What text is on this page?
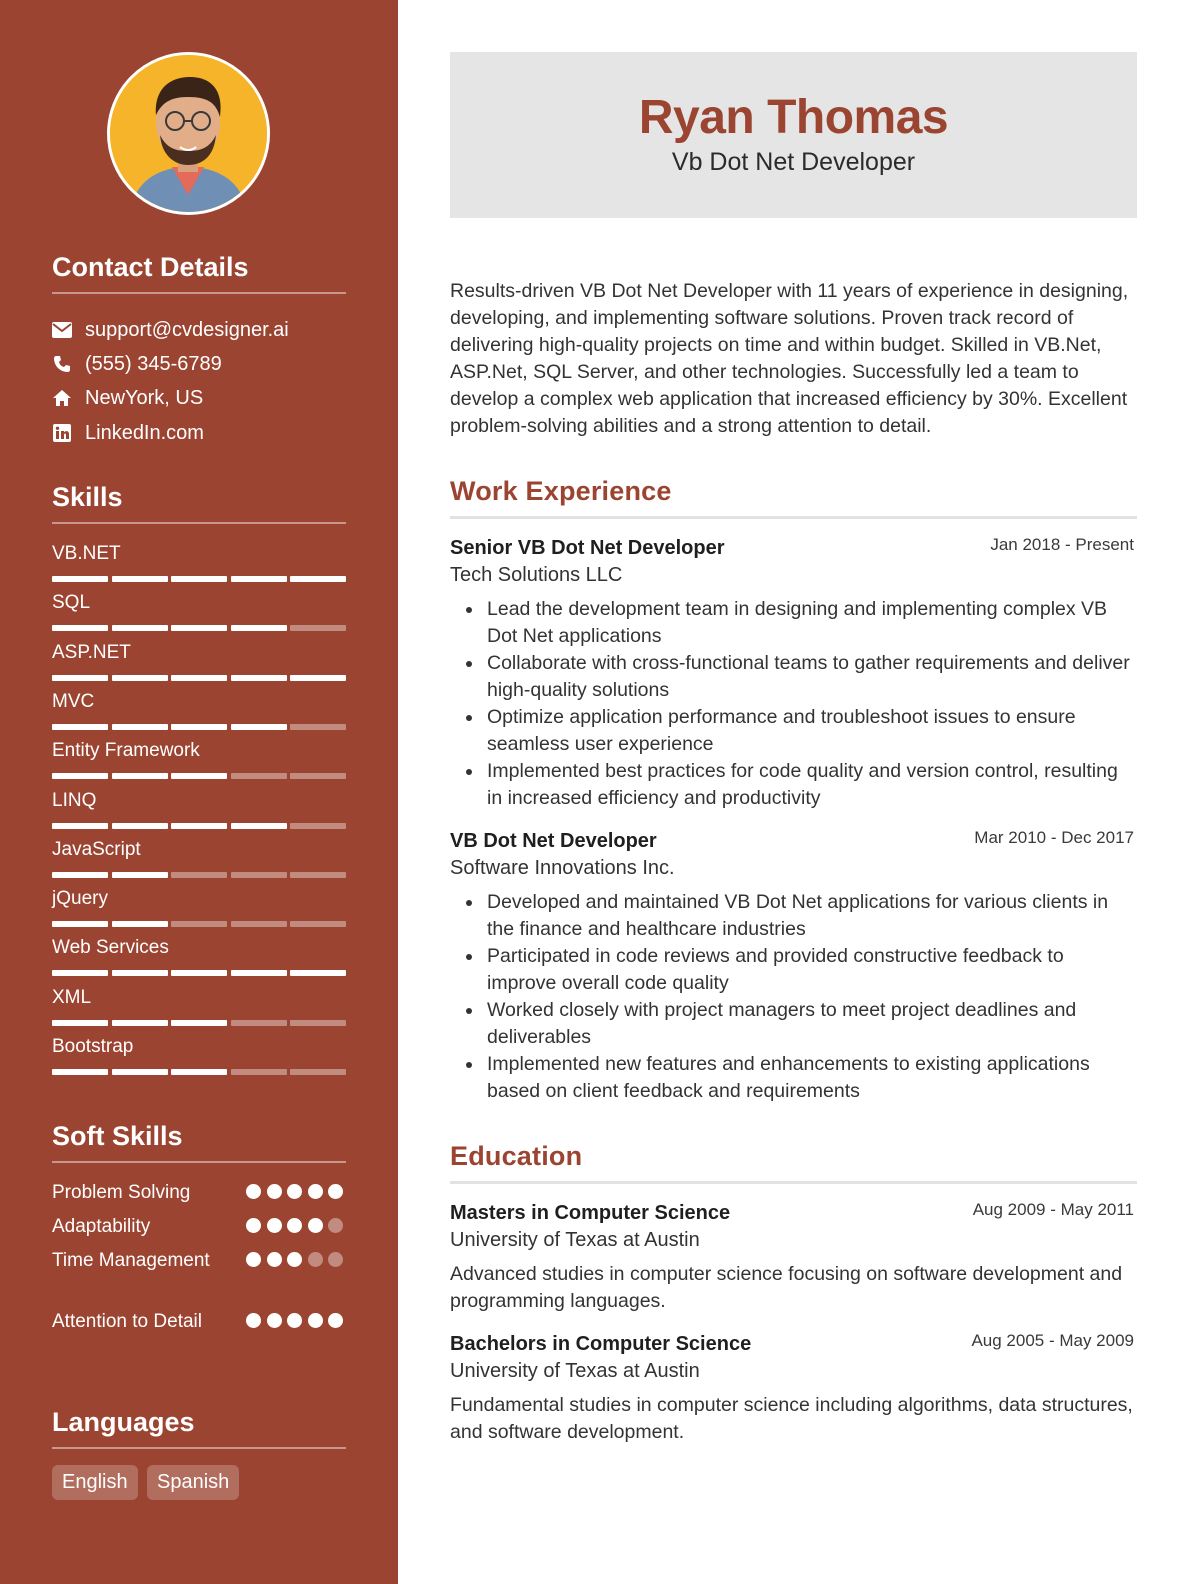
Contact Details
support@cvdesigner.ai
(555) 345-6789
NewYork, US
LinkedIn.com
Skills
VB.NET
SQL
ASP.NET
MVC
Entity Framework
LINQ
JavaScript
jQuery
Web Services
XML
Bootstrap
Soft Skills
Problem Solving
Adaptability
Time Management
Attention to Detail
Languages
English	Spanish
Ryan Thomas
Vb Dot Net Developer
Results-driven VB Dot Net Developer with 11 years of experience in designing, developing, and implementing software solutions. Proven track record of delivering high-quality projects on time and within budget. Skilled in VB.Net, ASP.Net, SQL Server, and other technologies. Successfully led a team to develop a complex web application that increased efficiency by 30%. Excellent problem-solving abilities and a strong attention to detail.
Work Experience
Senior VB Dot Net Developer	Jan 2018 - Present
Tech Solutions LLC
Lead the development team in designing and implementing complex VB Dot Net applications
Collaborate with cross-functional teams to gather requirements and deliver high-quality solutions
Optimize application performance and troubleshoot issues to ensure seamless user experience
Implemented best practices for code quality and version control, resulting in increased efficiency and productivity
VB Dot Net Developer	Mar 2010 - Dec 2017
Software Innovations Inc.
Developed and maintained VB Dot Net applications for various clients in the finance and healthcare industries
Participated in code reviews and provided constructive feedback to improve overall code quality
Worked closely with project managers to meet project deadlines and deliverables
Implemented new features and enhancements to existing applications based on client feedback and requirements
Education
Masters in Computer Science	Aug 2009 - May 2011
University of Texas at Austin
Advanced studies in computer science focusing on software development and programming languages.
Bachelors in Computer Science	Aug 2005 - May 2009
University of Texas at Austin
Fundamental studies in computer science including algorithms, data structures, and software development.
